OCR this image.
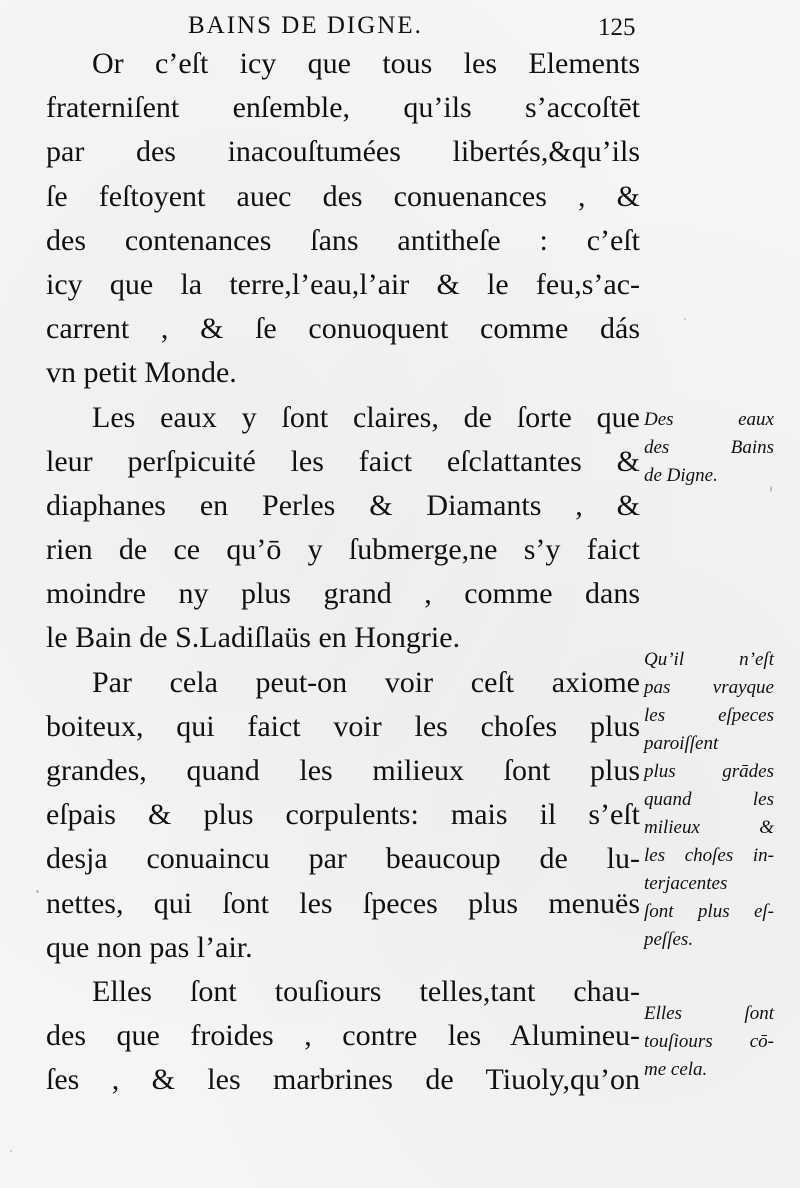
BAINS DE DIGNE.	125
Or c’eſt icy que tous les Elements
fraterniſent enſemble, qu’ils s’accoſtēt
par des inacouſtumées libertés,&qu’ils
ſe feſtoyent auec des conuenances , &
des contenances ſans antitheſe : c’eſt
icy que la terre,l’eau,l’air & le feu,s’ac-
carrent , & ſe conuoquent comme dás
vn petit Monde.
Les eaux y ſont claires, de ſorte que
leur perſpicuité les faict eſclattantes &
diaphanes en Perles & Diamants , &
rien de ce qu’ō y ſubmerge,ne s’y faict
moindre ny plus grand , comme dans
le Bain de S.Ladiſlaüs en Hongrie.
Par cela peut-on voir ceſt axiome
boiteux, qui faict voir les choſes plus
grandes, quand les milieux ſont plus
eſpais & plus corpulents: mais il s’eſt
desja conuaincu par beaucoup de lu-
nettes, qui ſont les ſpeces plus menuës
que non pas l’air.
Elles ſont touſiours telles,tant chau-
des que froides , contre les Alumineu-
ſes , & les marbrines de Tiuoly,qu’on
Des eaux
des Bains
de Digne.
Qu’il n’eſt
pas vrayque
les eſpeces
paroiſſent
plus grādes
quand les
milieux &
les choſes in-
terjacentes
ſont plus eſ-
peſſes.
Elles ſont
touſiours cō-
me cela.
